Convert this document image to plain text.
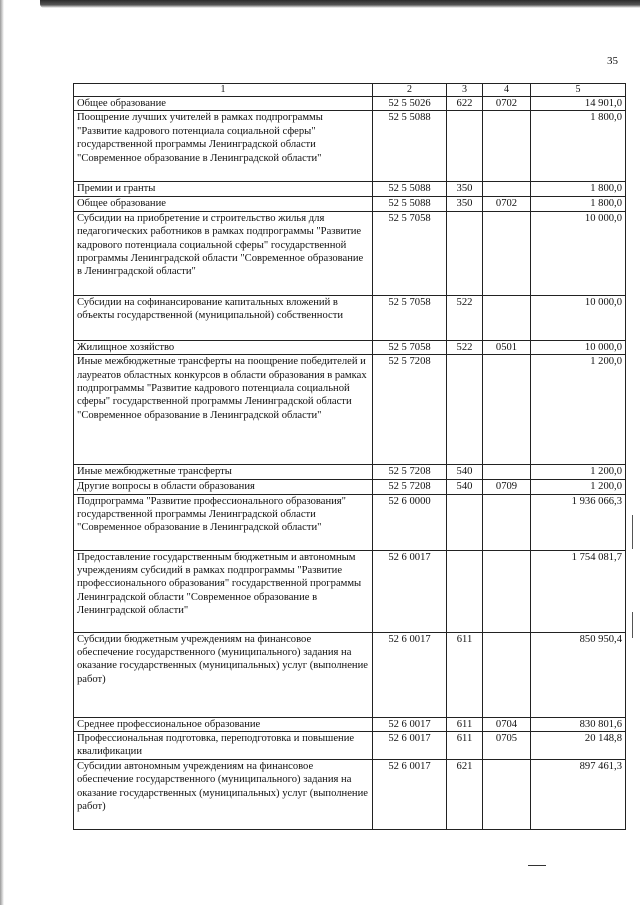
35
1	2	3	4	5
Общее образование	52 5 5026	622	0702	14 901,0
Поощрение лучших учителей в рамках подпрограммы "Развитие кадрового потенциала социальной сферы" государственной программы Ленинградской области "Современное образование в Ленинградской области"	52 5 5088			1 800,0
Премии и гранты	52 5 5088	350		1 800,0
Общее образование	52 5 5088	350	0702	1 800,0
Субсидии на приобретение и строительство жилья для педагогических работников в рамках подпрограммы "Развитие кадрового потенциала социальной сферы" государственной программы Ленинградской области "Современное образование в Ленинградской области"	52 5 7058			10 000,0
Субсидии на софинансирование капитальных вложений в объекты государственной (муниципальной) собственности	52 5 7058	522		10 000,0
Жилищное хозяйство	52 5 7058	522	0501	10 000,0
Иные межбюджетные трансферты на поощрение победителей и лауреатов областных конкурсов в области образования в рамках подпрограммы "Развитие кадрового потенциала социальной сферы" государственной программы Ленинградской области "Современное образование в Ленинградской области"	52 5 7208			1 200,0
Иные межбюджетные трансферты	52 5 7208	540		1 200,0
Другие вопросы в области образования	52 5 7208	540	0709	1 200,0
Подпрограмма "Развитие профессионального образования" государственной программы Ленинградской области "Современное образование в Ленинградской области"	52 6 0000			1 936 066,3
Предоставление государственным бюджетным и автономным учреждениям субсидий в рамках подпрограммы "Развитие профессионального образования" государственной программы Ленинградской области "Современное образование в Ленинградской области"	52 6 0017			1 754 081,7
Субсидии бюджетным учреждениям на финансовое обеспечение государственного (муниципального) задания на оказание государственных (муниципальных) услуг (выполнение работ)	52 6 0017	611		850 950,4
Среднее профессиональное образование	52 6 0017	611	0704	830 801,6
Профессиональная подготовка, переподготовка и повышение квалификации	52 6 0017	611	0705	20 148,8
Субсидии автономным учреждениям на финансовое обеспечение государственного (муниципального) задания на оказание государственных (муниципальных) услуг (выполнение работ)	52 6 0017	621		897 461,3
